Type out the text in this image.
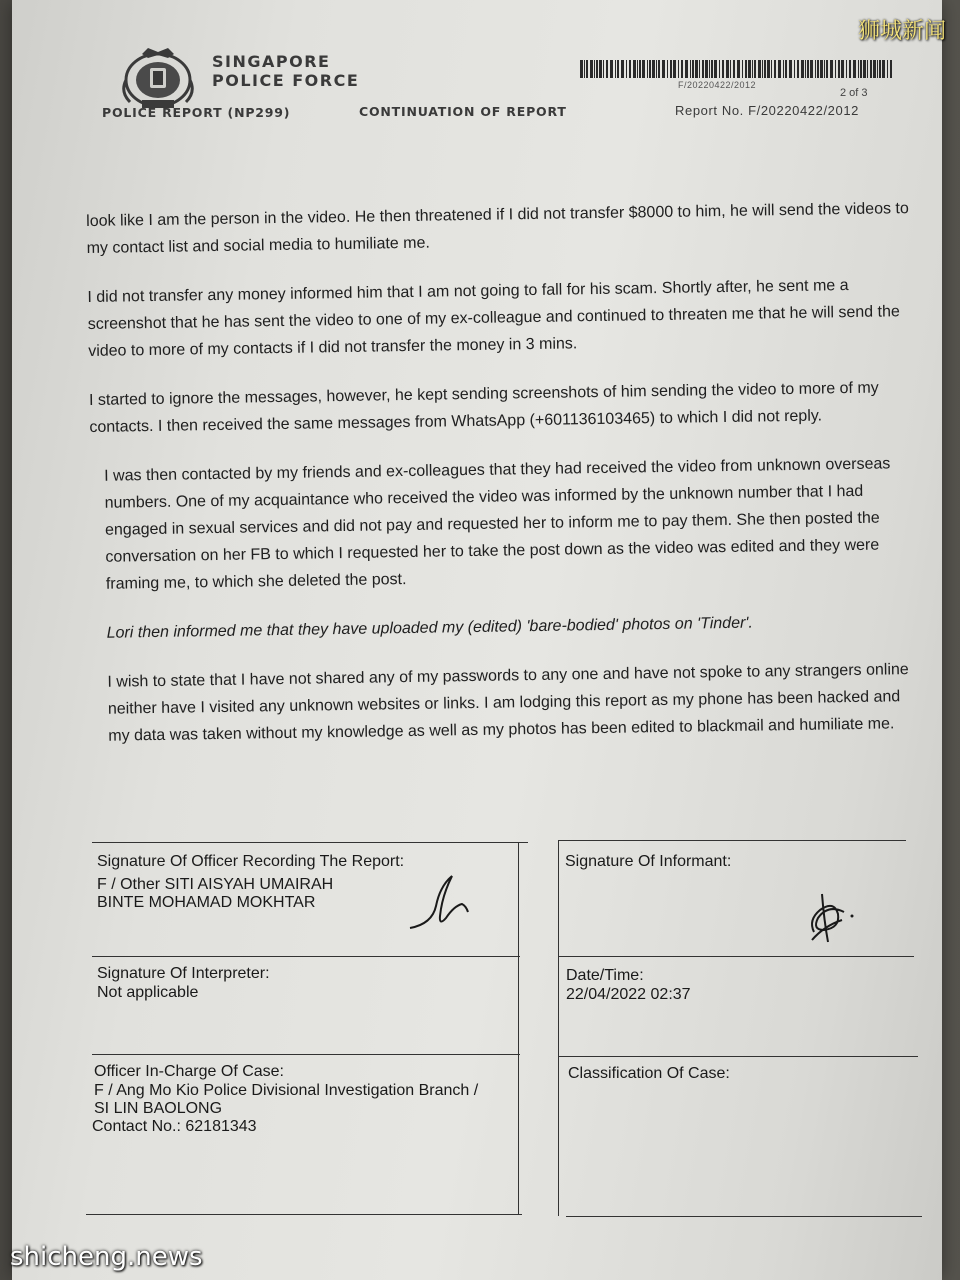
SINGAPORE
POLICE FORCE
POLICE REPORT (NP299)	CONTINUATION OF REPORT
F/20220422/2012
2 of 3
Report No. F/20220422/2012

look like I am the person in the video. He then threatened if I did not transfer $8000 to him, he will send the videos to my contact list and social media to humiliate me.

I did not transfer any money informed him that I am not going to fall for his scam. Shortly after, he sent me a screenshot that he has sent the video to one of my ex-colleague and continued to threaten me that he will send the video to more of my contacts if I did not transfer the money in 3 mins.

I started to ignore the messages, however, he kept sending screenshots of him sending the video to more of my contacts. I then received the same messages from WhatsApp (+601136103465) to which I did not reply.

I was then contacted by my friends and ex-colleagues that they had received the video from unknown overseas numbers. One of my acquaintance who received the video was informed by the unknown number that I had engaged in sexual services and did not pay and requested her to inform me to pay them. She then posted the conversation on her FB to which I requested her to take the post down as the video was edited and they were framing me, to which she deleted the post.

Lori then informed me that they have uploaded my (edited) 'bare-bodied' photos on 'Tinder'.

I wish to state that I have not shared any of my passwords to any one and have not spoke to any strangers online neither have I visited any unknown websites or links. I am lodging this report as my phone has been hacked and my data was taken without my knowledge as well as my photos has been edited to blackmail and humiliate me.

Signature Of Officer Recording The Report:
F / Other SITI AISYAH UMAIRAH
BINTE MOHAMAD MOKHTAR
Signature Of Informant:
Signature Of Interpreter:
Not applicable
Date/Time:
22/04/2022 02:37
Officer In-Charge Of Case:
F / Ang Mo Kio Police Divisional Investigation Branch /
SI LIN BAOLONG
Contact No.: 62181343
Classification Of Case:
狮城新闻
shicheng.news
